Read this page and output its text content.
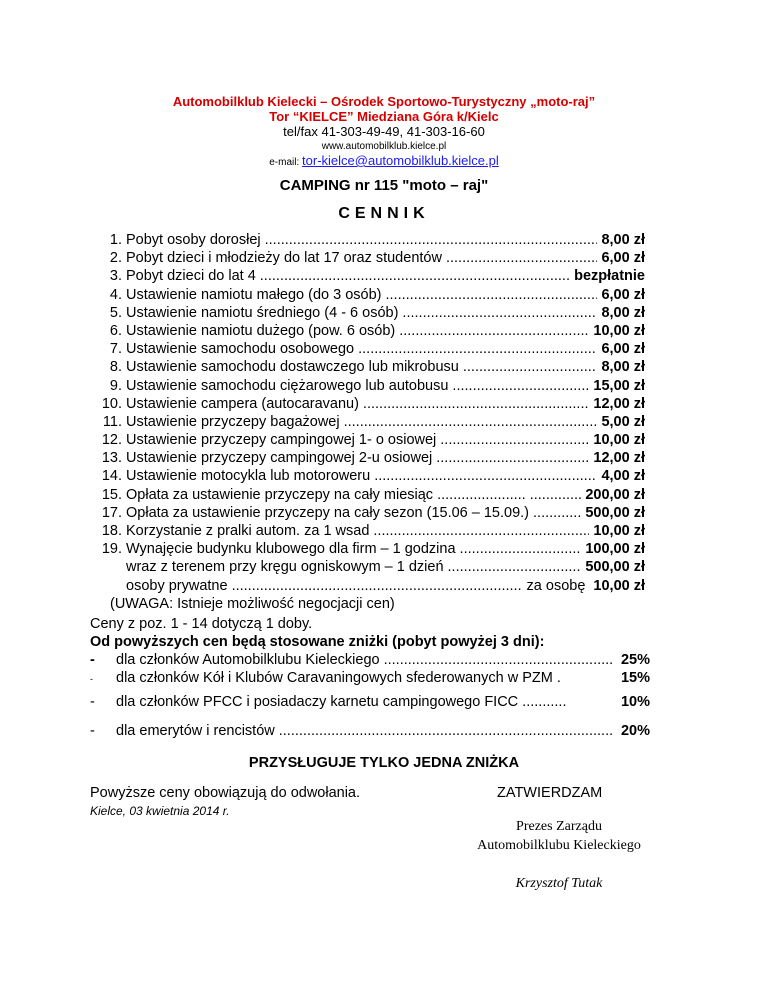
Automobilklub Kielecki – Ośrodek Sportowo-Turystyczny „moto-raj”
Tor “KIELCE” Miedziana Góra k/Kielc
tel/fax 41-303-49-49, 41-303-16-60
www.automobilklub.kielce.pl
e-mail: tor-kielce@automobilklub.kielce.pl
CAMPING nr 115 "moto – raj"
CENNIK
1. Pobyt osoby dorosłej .....	8,00 zł
2. Pobyt dzieci i młodzieży do lat 17 oraz studentów .....	6,00 zł
3. Pobyt dzieci do lat 4 .....	bezpłatnie
4. Ustawienie namiotu małego (do 3 osób) .....	6,00 zł
5. Ustawienie namiotu średniego (4 - 6 osób) .....	8,00 zł
6. Ustawienie namiotu dużego (pow. 6 osób) .....	10,00 zł
7. Ustawienie samochodu osobowego .....	6,00 zł
8. Ustawienie samochodu dostawczego lub mikrobusu .....	8,00 zł
9. Ustawienie samochodu ciężarowego lub autobusu .....	15,00 zł
10. Ustawienie campera (autocaravanu) .....	12,00 zł
11. Ustawienie przyczepy bagażowej .....	5,00 zł
12. Ustawienie przyczepy campingowej 1- o osiowej .....	10,00 zł
13. Ustawienie przyczepy campingowej 2-u osiowej .....	12,00 zł
14. Ustawienie motocykla lub motoroweru .....	4,00 zł
15. Opłata za ustawienie przyczepy na cały miesiąc ...................... .....	200,00 zł
17. Opłata za ustawienie przyczepy na cały sezon (15.06 – 15.09.) .....	500,00 zł
18. Korzystanie z pralki autom. za 1 wsad .....	10,00 zł
19. Wynajęcie budynku klubowego dla firm – 1 godzina .....	100,00 zł
wraz z terenem przy kręgu ogniskowym – 1 dzień .....	500,00 zł
osoby prywatne .....	za osobę 10,00 zł
(UWAGA: Istnieje możliwość negocjacji cen)
Ceny z poz. 1 - 14 dotyczą 1 doby.
Od powyższych cen będą stosowane zniżki (pobyt powyżej 3 dni):
-	dla członków Automobilklubu Kieleckiego .....	25%
-	dla członków Kół i Klubów Caravaningowych sfederowanych w PZM .	15%
-	dla członków PFCC i posiadaczy karnetu campingowego FICC ...........	10%
-	dla emerytów i rencistów .....	20%
PRZYSŁUGUJE TYLKO JEDNA ZNIŻKA
Powyższe ceny obowiązują do odwołania.	ZATWIERDZAM
Kielce, 03 kwietnia 2014 r.
Prezes Zarządu
Automobilklubu Kieleckiego
Krzysztof Tutak
